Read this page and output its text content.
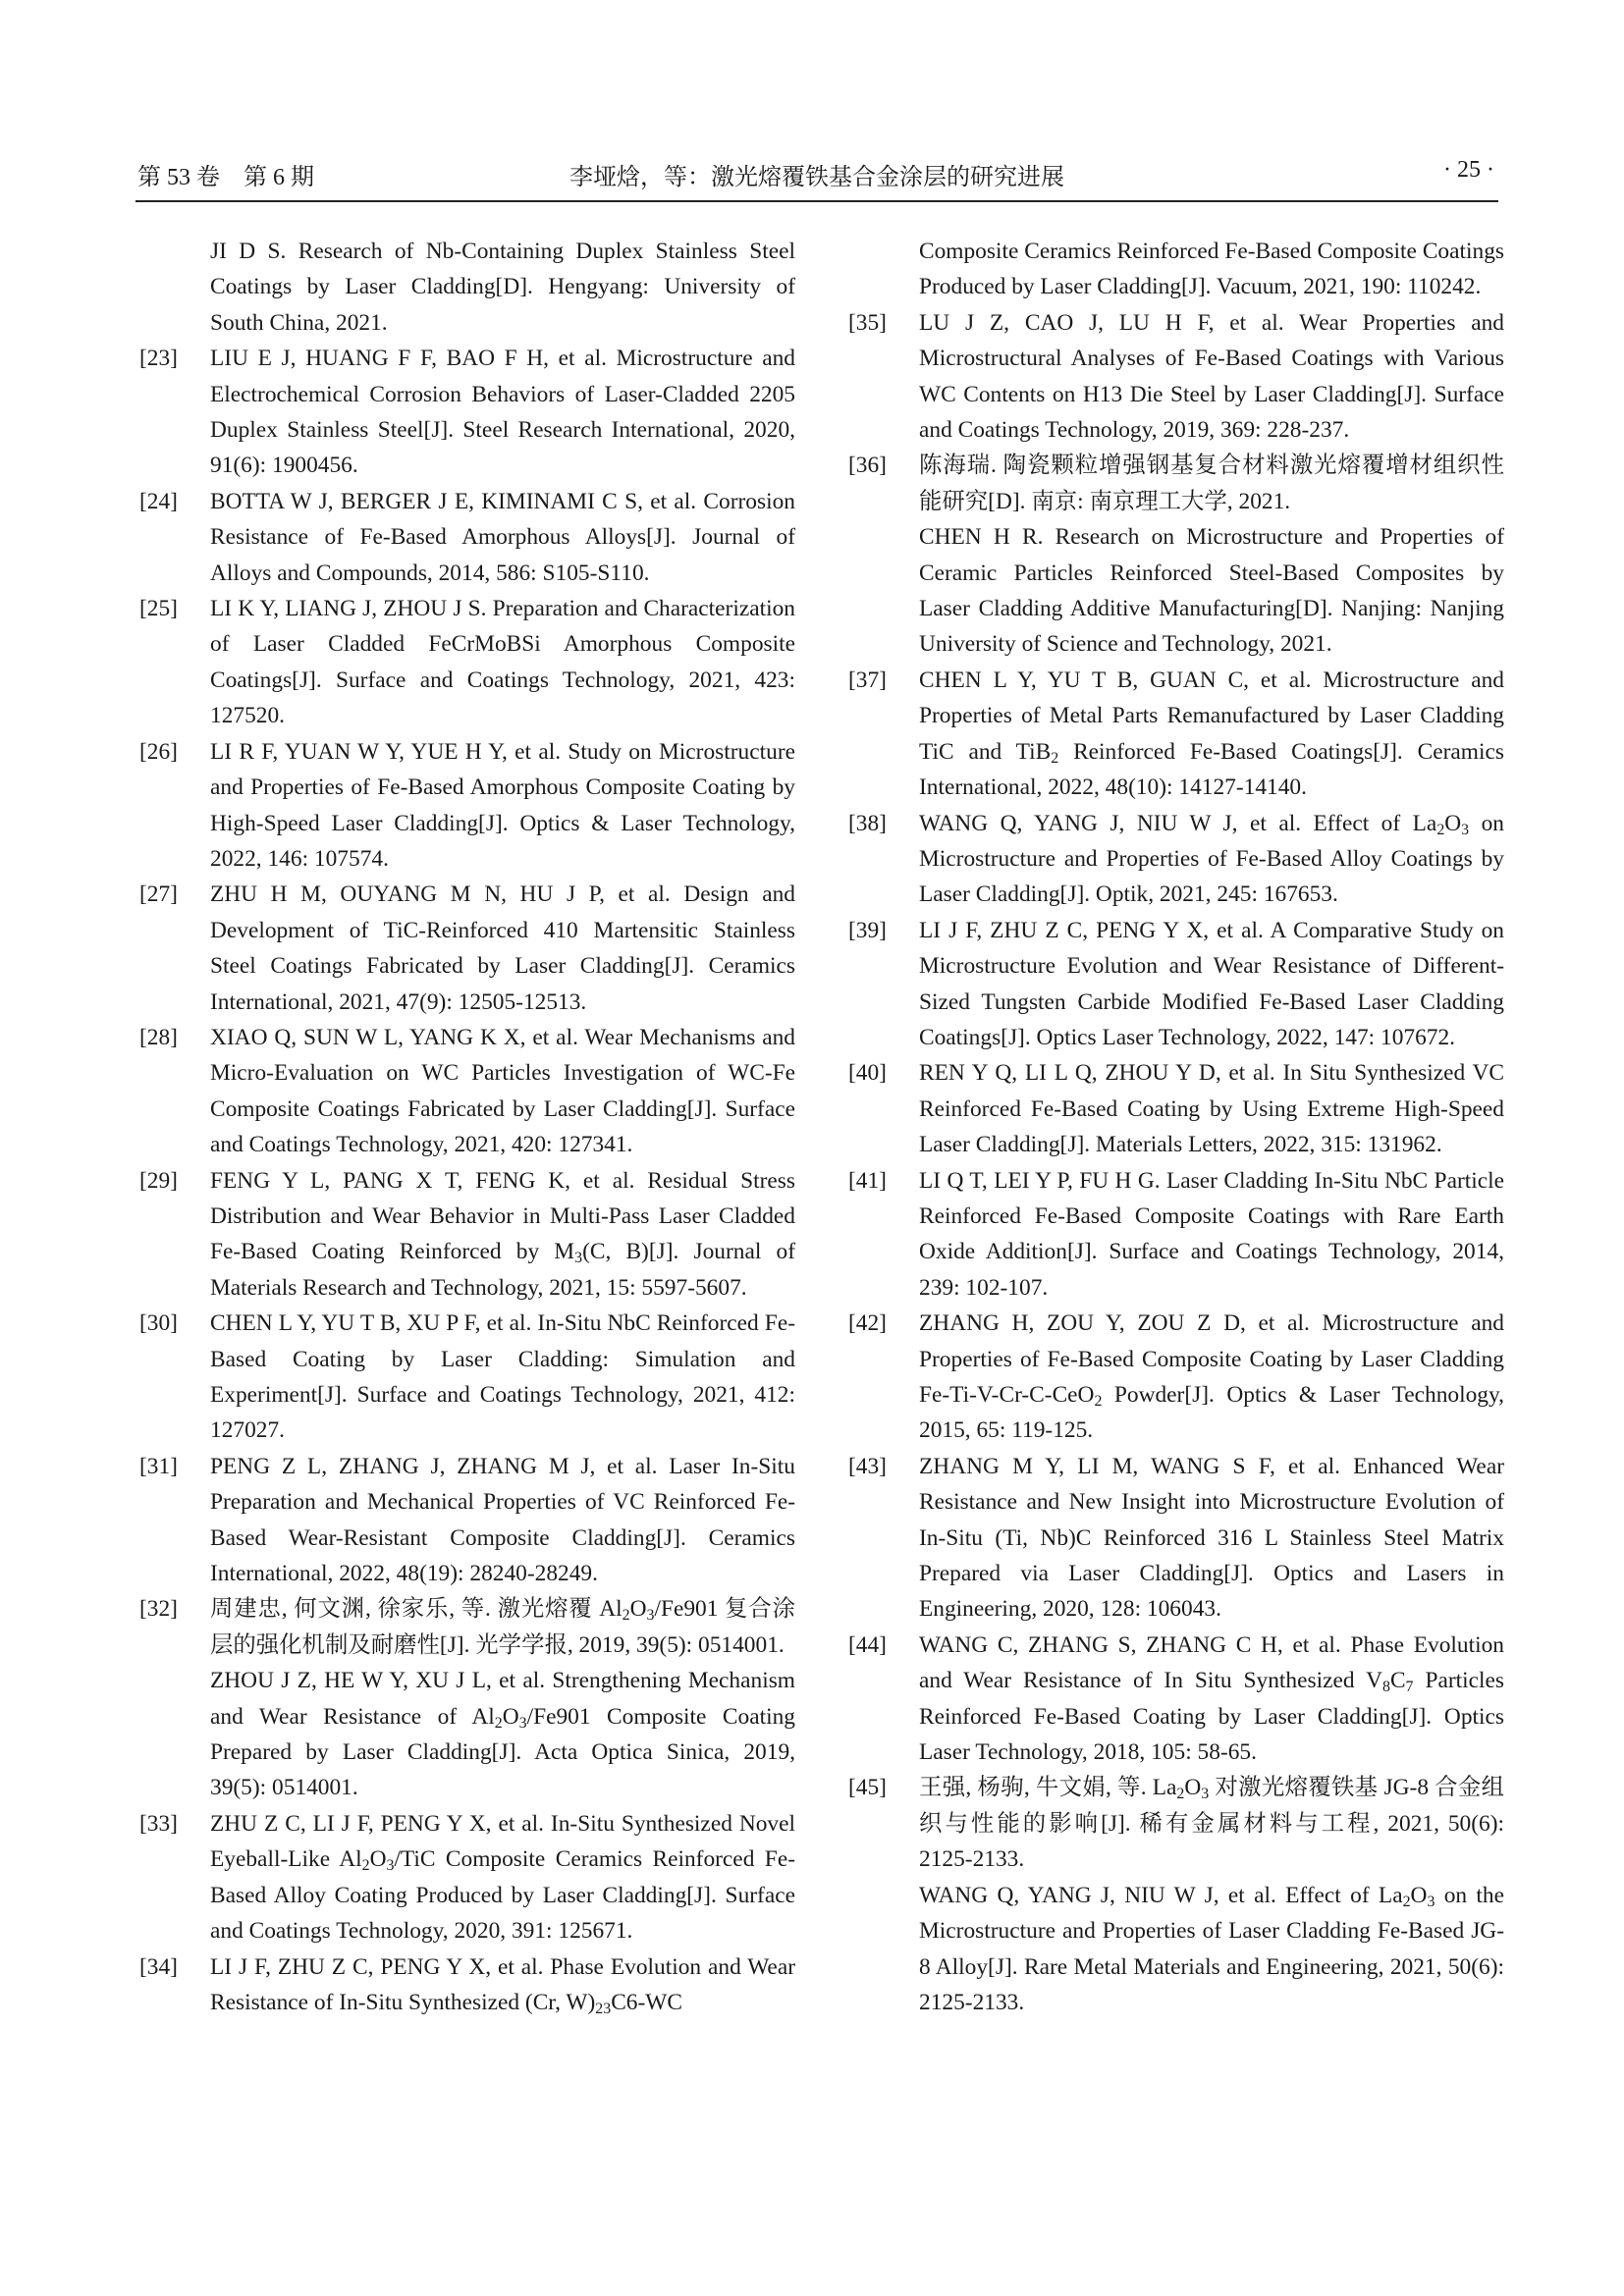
第 53 卷　第 6 期	李垭焓，等：激光熔覆铁基合金涂层的研究进展	· 25 ·
JI D S. Research of Nb-Containing Duplex Stainless Steel Coatings by Laser Cladding[D]. Hengyang: University of South China, 2021.
[23] LIU E J, HUANG F F, BAO F H, et al. Microstructure and Electrochemical Corrosion Behaviors of Laser-Cladded 2205 Duplex Stainless Steel[J]. Steel Research International, 2020, 91(6): 1900456.
[24] BOTTA W J, BERGER J E, KIMINAMI C S, et al. Corrosion Resistance of Fe-Based Amorphous Alloys[J]. Journal of Alloys and Compounds, 2014, 586: S105-S110.
[25] LI K Y, LIANG J, ZHOU J S. Preparation and Characterization of Laser Cladded FeCrMoBSi Amorphous Composite Coatings[J]. Surface and Coatings Technology, 2021, 423: 127520.
[26] LI R F, YUAN W Y, YUE H Y, et al. Study on Microstructure and Properties of Fe-Based Amorphous Composite Coating by High-Speed Laser Cladding[J]. Optics & Laser Technology, 2022, 146: 107574.
[27] ZHU H M, OUYANG M N, HU J P, et al. Design and Development of TiC-Reinforced 410 Martensitic Stainless Steel Coatings Fabricated by Laser Cladding[J]. Ceramics International, 2021, 47(9): 12505-12513.
[28] XIAO Q, SUN W L, YANG K X, et al. Wear Mechanisms and Micro-Evaluation on WC Particles Investigation of WC-Fe Composite Coatings Fabricated by Laser Cladding[J]. Surface and Coatings Technology, 2021, 420: 127341.
[29] FENG Y L, PANG X T, FENG K, et al. Residual Stress Distribution and Wear Behavior in Multi-Pass Laser Cladded Fe-Based Coating Reinforced by $M_3(C$, B)[J]. Journal of Materials Research and Technology, 2021, 15: 5597-5607.
[30] CHEN L Y, YU T B, XU P F, et al. In-Situ NbC Reinforced Fe-Based Coating by Laser Cladding: Simulation and Experiment[J]. Surface and Coatings Technology, 2021, 412: 127027.
[31] PENG Z L, ZHANG J, ZHANG M J, et al. Laser In-Situ Preparation and Mechanical Properties of VC Reinforced Fe-Based Wear-Resistant Composite Cladding[J]. Ceramics International, 2022, 48(19): 28240-28249.
[32] 周建忠, 何文渊, 徐家乐, 等. 激光熔覆 $Al_2O_3/Fe901$ 复合涂层的强化机制及耐磨性[J]. 光学学报, 2019, 39(5): 0514001.
ZHOU J Z, HE W Y, XU J L, et al. Strengthening Mechanism and Wear Resistance of $Al_2O_3/Fe901$ Composite Coating Prepared by Laser Cladding[J]. Acta Optica Sinica, 2019, 39(5): 0514001.
[33] ZHU Z C, LI J F, PENG Y X, et al. In-Situ Synthesized Novel Eyeball-Like $Al_2O_3$/TiC Composite Ceramics Reinforced Fe-Based Alloy Coating Produced by Laser Cladding[J]. Surface and Coatings Technology, 2020, 391: 125671.
[34] LI J F, ZHU Z C, PENG Y X, et al. Phase Evolution and Wear Resistance of In-Situ Synthesized (Cr, $W)_{23}C6-WC$
Composite Ceramics Reinforced Fe-Based Composite Coatings Produced by Laser Cladding[J]. Vacuum, 2021, 190: 110242.
[35] LU J Z, CAO J, LU H F, et al. Wear Properties and Microstructural Analyses of Fe-Based Coatings with Various WC Contents on H13 Die Steel by Laser Cladding[J]. Surface and Coatings Technology, 2019, 369: 228-237.
[36] 陈海瑞. 陶瓷颗粒增强钢基复合材料激光熔覆增材组织性能研究[D]. 南京: 南京理工大学, 2021.
CHEN H R. Research on Microstructure and Properties of Ceramic Particles Reinforced Steel-Based Composites by Laser Cladding Additive Manufacturing[D]. Nanjing: Nanjing University of Science and Technology, 2021.
[37] CHEN L Y, YU T B, GUAN C, et al. Microstructure and Properties of Metal Parts Remanufactured by Laser Cladding TiC and TiB$_2$ Reinforced Fe-Based Coatings[J]. Ceramics International, 2022, 48(10): 14127-14140.
[38] WANG Q, YANG J, NIU W J, et al. Effect of $La_2O_3$ on Microstructure and Properties of Fe-Based Alloy Coatings by Laser Cladding[J]. Optik, 2021, 245: 167653.
[39] LI J F, ZHU Z C, PENG Y X, et al. A Comparative Study on Microstructure Evolution and Wear Resistance of Different-Sized Tungsten Carbide Modified Fe-Based Laser Cladding Coatings[J]. Optics Laser Technology, 2022, 147: 107672.
[40] REN Y Q, LI L Q, ZHOU Y D, et al. In Situ Synthesized VC Reinforced Fe-Based Coating by Using Extreme High-Speed Laser Cladding[J]. Materials Letters, 2022, 315: 131962.
[41] LI Q T, LEI Y P, FU H G. Laser Cladding In-Situ NbC Particle Reinforced Fe-Based Composite Coatings with Rare Earth Oxide Addition[J]. Surface and Coatings Technology, 2014, 239: 102-107.
[42] ZHANG H, ZOU Y, ZOU Z D, et al. Microstructure and Properties of Fe-Based Composite Coating by Laser Cladding Fe-Ti-V-Cr-C-CeO$_2$ Powder[J]. Optics & Laser Technology, 2015, 65: 119-125.
[43] ZHANG M Y, LI M, WANG S F, et al. Enhanced Wear Resistance and New Insight into Microstructure Evolution of In-Situ (Ti, Nb)C Reinforced 316 L Stainless Steel Matrix Prepared via Laser Cladding[J]. Optics and Lasers in Engineering, 2020, 128: 106043.
[44] WANG C, ZHANG S, ZHANG C H, et al. Phase Evolution and Wear Resistance of In Situ Synthesized $V_8C_7$ Particles Reinforced Fe-Based Coating by Laser Cladding[J]. Optics Laser Technology, 2018, 105: 58-65.
[45] 王强, 杨驹, 牛文娟, 等. $La_2O_3$ 对激光熔覆铁基 JG-8 合金组织与性能的影响[J]. 稀有金属材料与工程, 2021, 50(6): 2125-2133.
WANG Q, YANG J, NIU W J, et al. Effect of $La_2O_3$ on the Microstructure and Properties of Laser Cladding Fe-Based JG-8 Alloy[J]. Rare Metal Materials and Engineering, 2021, 50(6): 2125-2133.
